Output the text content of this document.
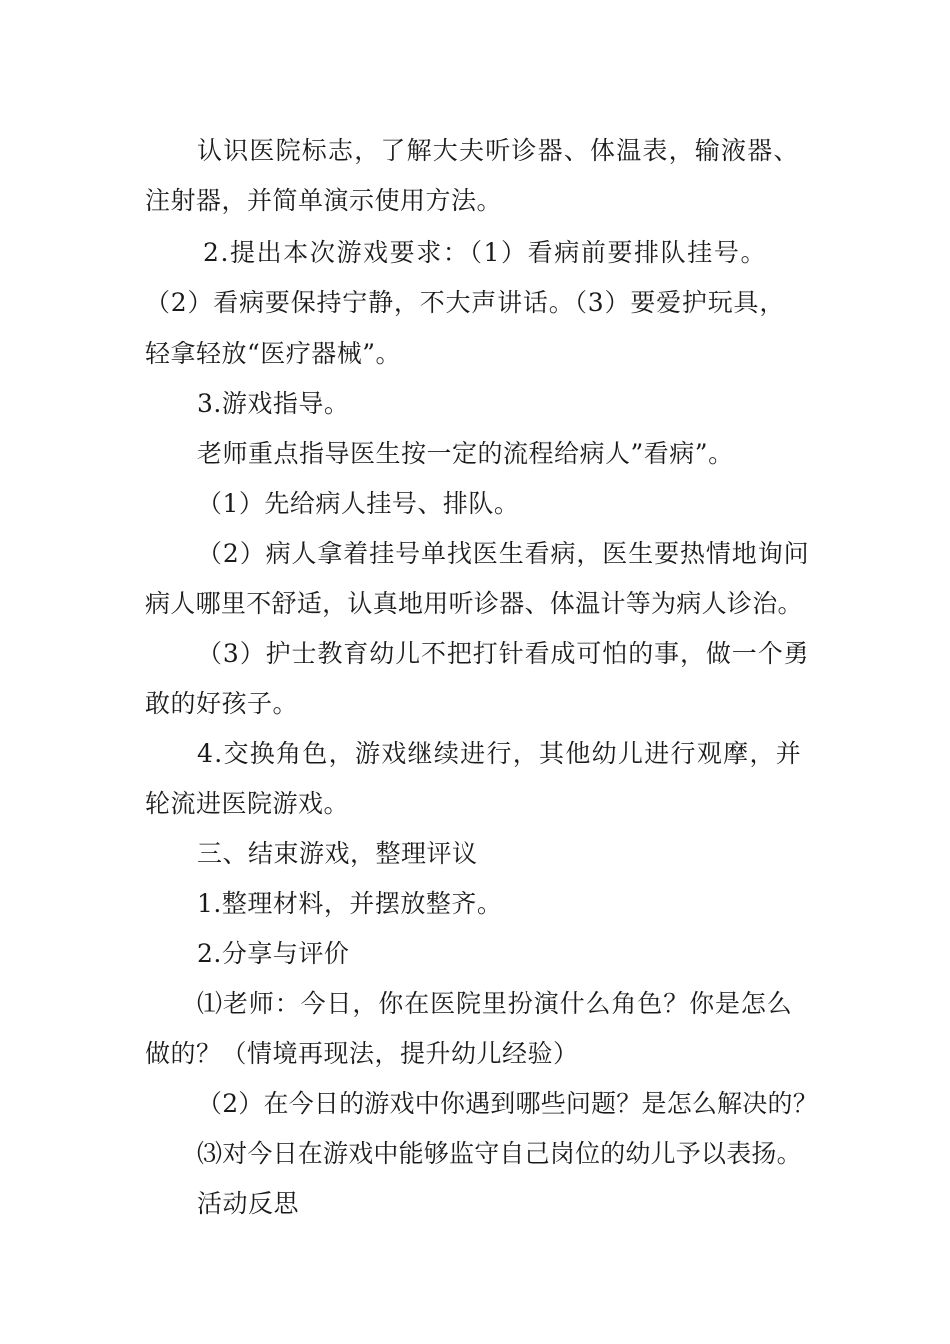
认识医院标志，了解大夫听诊器、体温表，输液器、
注射器，并简单演示使用方法。
2.提出本次游戏要求：（1）看病前要排队挂号。
（2）看病要保持宁静，不大声讲话。（3）要爱护玩具，
轻拿轻放“医疗器械”。
3.游戏指导。
老师重点指导医生按一定的流程给病人”看病”。
（1）先给病人挂号、排队。
（2）病人拿着挂号单找医生看病，医生要热情地询问
病人哪里不舒适，认真地用听诊器、体温计等为病人诊治。
（3）护士教育幼儿不把打针看成可怕的事，做一个勇
敢的好孩子。
4.交换角色，游戏继续进行，其他幼儿进行观摩，并
轮流进医院游戏。
三、结束游戏，整理评议
1.整理材料，并摆放整齐。
2.分享与评价
⑴老师：今日，你在医院里扮演什么角色？你是怎么
做的？（情境再现法，提升幼儿经验）
（2）在今日的游戏中你遇到哪些问题？是怎么解决的？
⑶对今日在游戏中能够监守自己岗位的幼儿予以表扬。
活动反思
